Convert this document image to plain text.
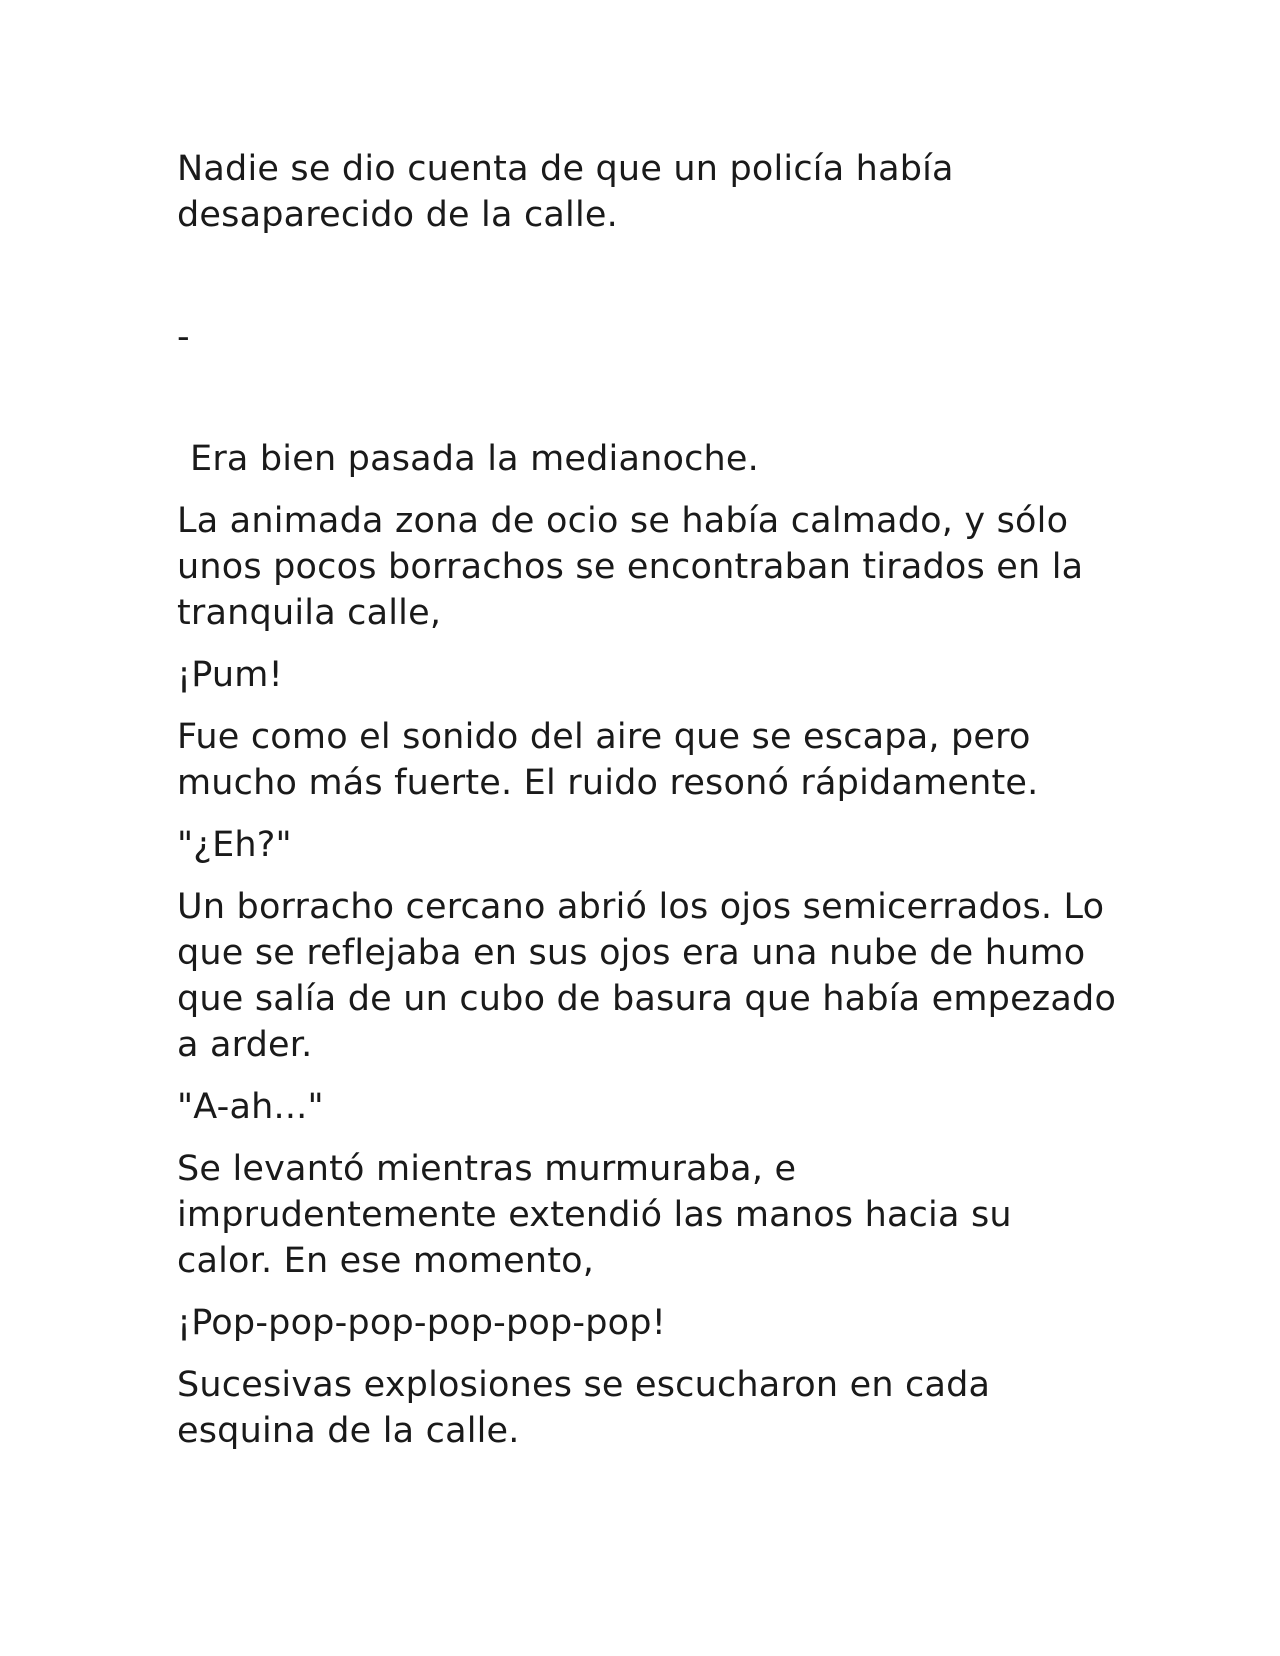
Nadie se dio cuenta de que un policía había desaparecido de la calle.

-

Era bien pasada la medianoche.

La animada zona de ocio se había calmado, y sólo unos pocos borrachos se encontraban tirados en la tranquila calle,

¡Pum!

Fue como el sonido del aire que se escapa, pero mucho más fuerte. El ruido resonó rápidamente.

"¿Eh?"

Un borracho cercano abrió los ojos semicerrados. Lo que se reflejaba en sus ojos era una nube de humo que salía de un cubo de basura que había empezado a arder.

"A-ah..."

Se levantó mientras murmuraba, e imprudentemente extendió las manos hacia su calor. En ese momento,

¡Pop-pop-pop-pop-pop-pop!

Sucesivas explosiones se escucharon en cada esquina de la calle.
